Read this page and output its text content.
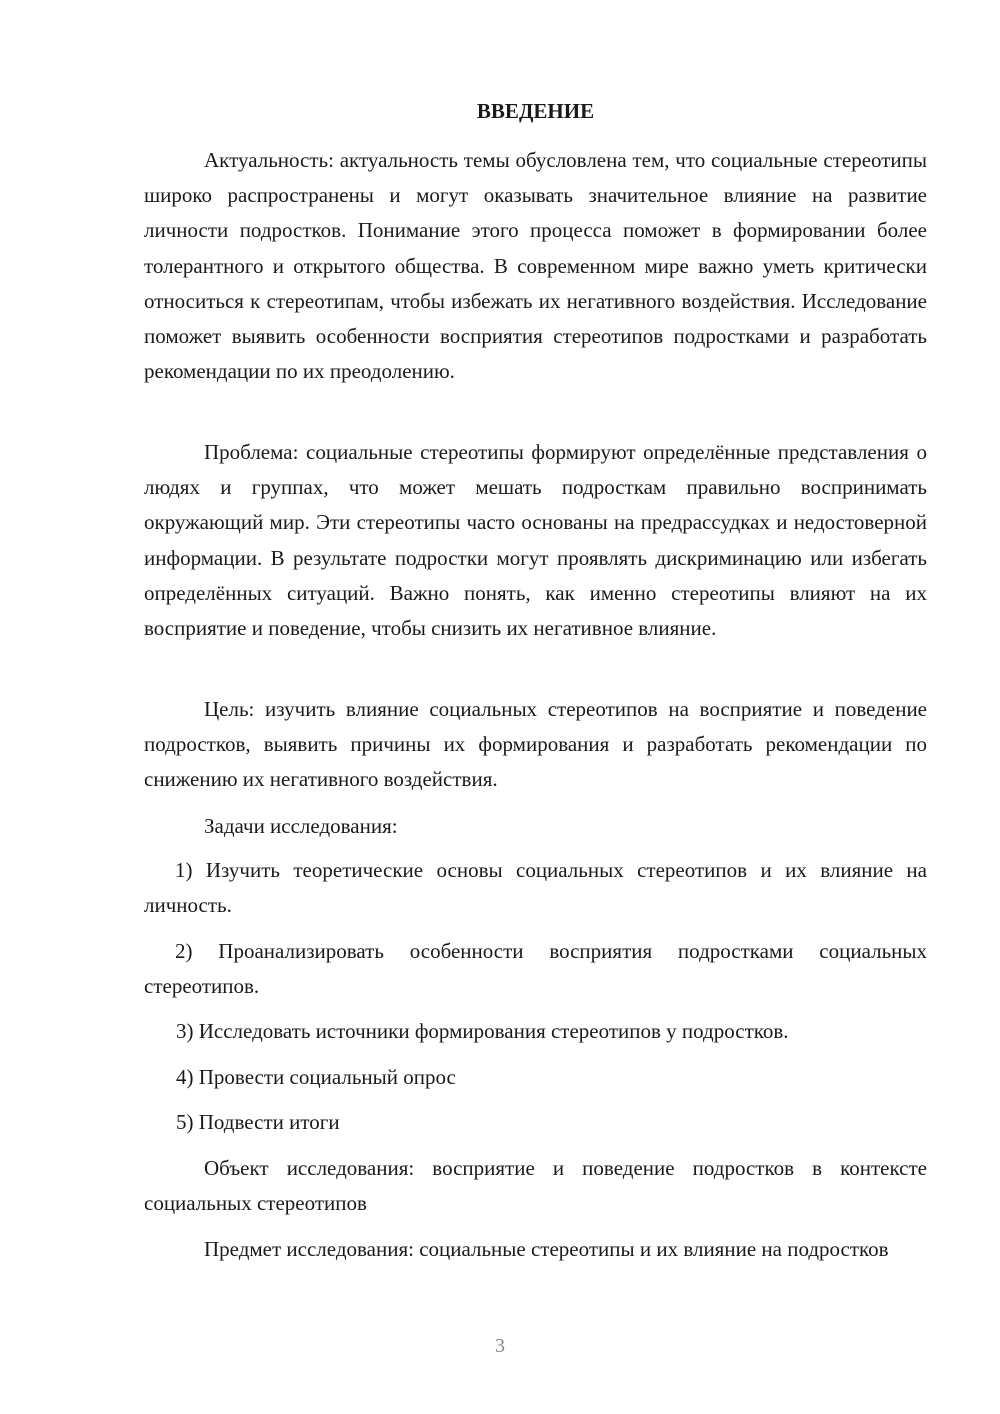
ВВЕДЕНИЕ

Актуальность: актуальность темы обусловлена тем, что социальные стереотипы широко распространены и могут оказывать значительное влияние на развитие личности подростков. Понимание этого процесса поможет в формировании более толерантного и открытого общества. В современном мире важно уметь критически относиться к стереотипам, чтобы избежать их негативного воздействия. Исследование поможет выявить особенности восприятия стереотипов подростками и разработать рекомендации по их преодолению.

Проблема: социальные стереотипы формируют определённые представления о людях и группах, что может мешать подросткам правильно воспринимать окружающий мир. Эти стереотипы часто основаны на предрассудках и недостоверной информации. В результате подростки могут проявлять дискриминацию или избегать определённых ситуаций. Важно понять, как именно стереотипы влияют на их восприятие и поведение, чтобы снизить их негативное влияние.

Цель: изучить влияние социальных стереотипов на восприятие и поведение подростков, выявить причины их формирования и разработать рекомендации по снижению их негативного воздействия.

Задачи исследования:

1) Изучить теоретические основы социальных стереотипов и их влияние на личность.

2) Проанализировать особенности восприятия подростками социальных стереотипов.

3) Исследовать источники формирования стереотипов у подростков.

4) Провести социальный опрос

5) Подвести итоги

Объект исследования: восприятие и поведение подростков в контексте социальных стереотипов

Предмет исследования: социальные стереотипы и их влияние на подростков

3
